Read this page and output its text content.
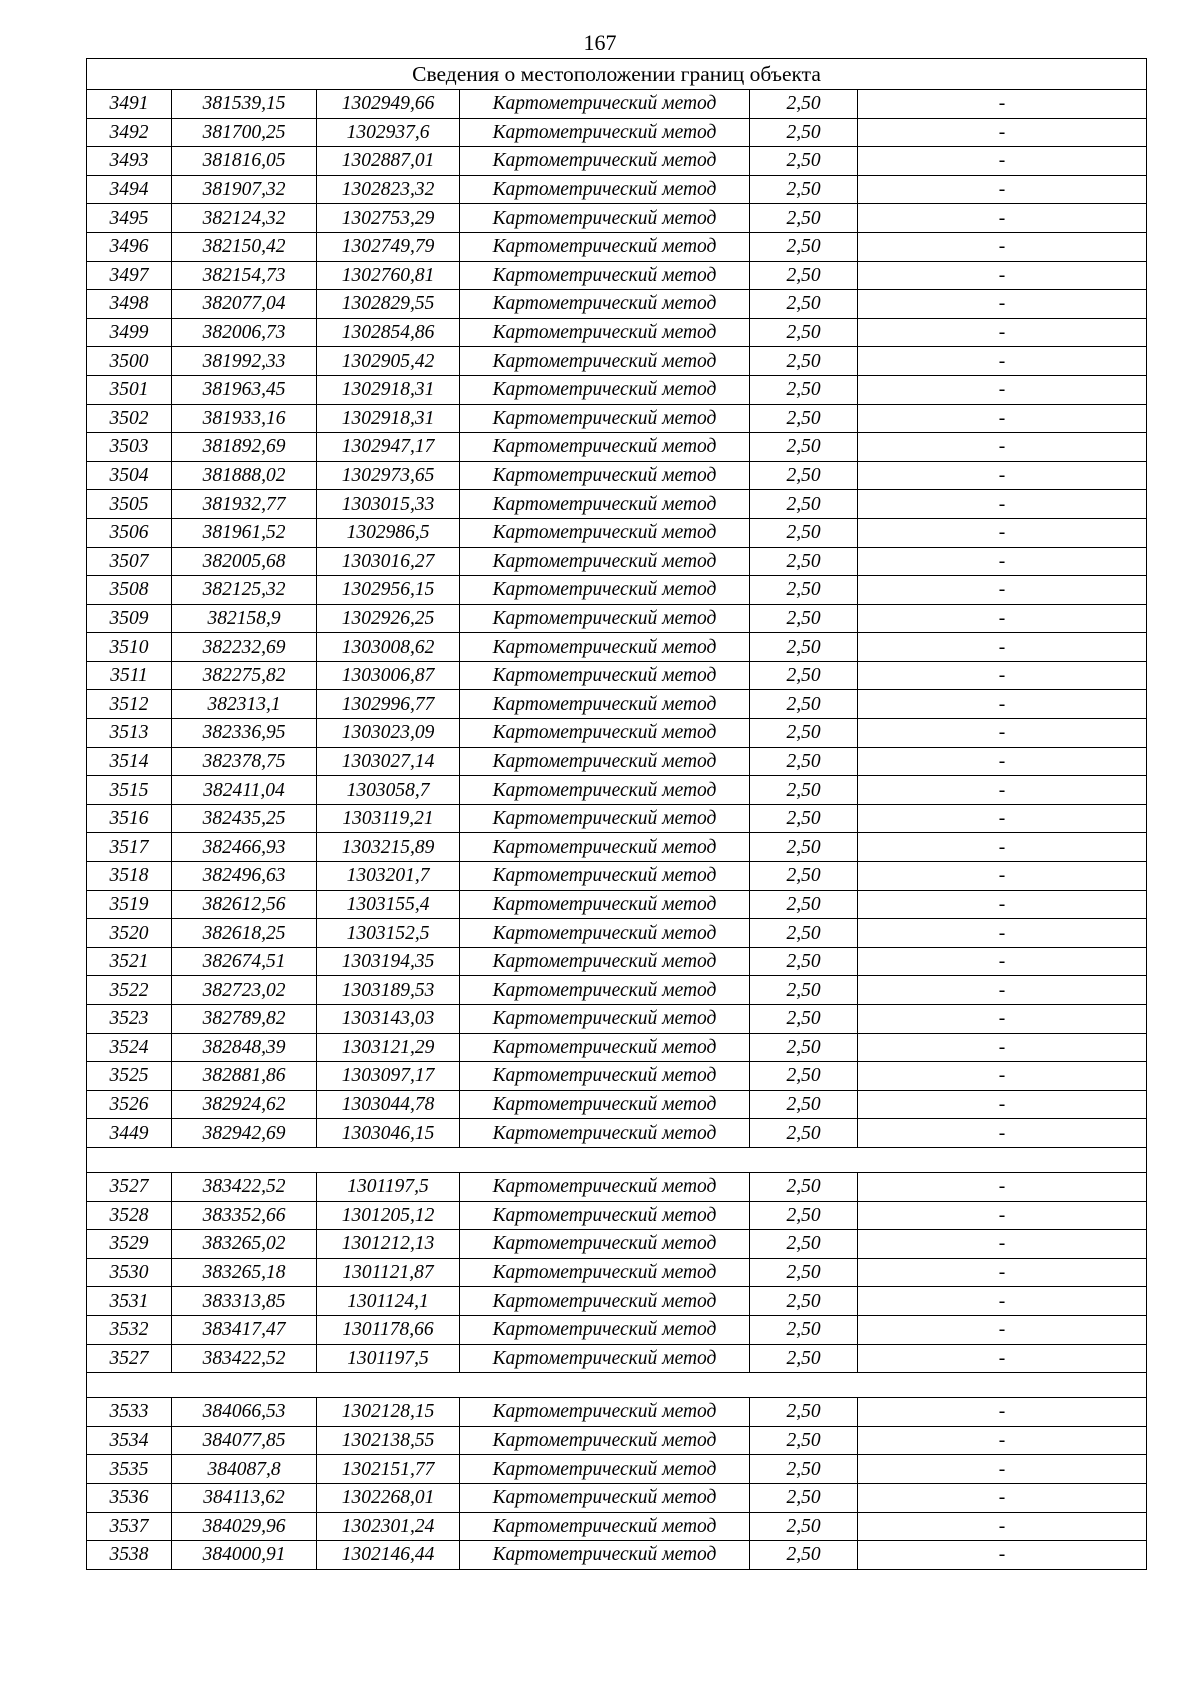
167
Сведения о местоположении границ объекта					
3491	381539,15	1302949,66	Картометрический метод	2,50	-
3492	381700,25	1302937,6	Картометрический метод	2,50	-
3493	381816,05	1302887,01	Картометрический метод	2,50	-
3494	381907,32	1302823,32	Картометрический метод	2,50	-
3495	382124,32	1302753,29	Картометрический метод	2,50	-
3496	382150,42	1302749,79	Картометрический метод	2,50	-
3497	382154,73	1302760,81	Картометрический метод	2,50	-
3498	382077,04	1302829,55	Картометрический метод	2,50	-
3499	382006,73	1302854,86	Картометрический метод	2,50	-
3500	381992,33	1302905,42	Картометрический метод	2,50	-
3501	381963,45	1302918,31	Картометрический метод	2,50	-
3502	381933,16	1302918,31	Картометрический метод	2,50	-
3503	381892,69	1302947,17	Картометрический метод	2,50	-
3504	381888,02	1302973,65	Картометрический метод	2,50	-
3505	381932,77	1303015,33	Картометрический метод	2,50	-
3506	381961,52	1302986,5	Картометрический метод	2,50	-
3507	382005,68	1303016,27	Картометрический метод	2,50	-
3508	382125,32	1302956,15	Картометрический метод	2,50	-
3509	382158,9	1302926,25	Картометрический метод	2,50	-
3510	382232,69	1303008,62	Картометрический метод	2,50	-
3511	382275,82	1303006,87	Картометрический метод	2,50	-
3512	382313,1	1302996,77	Картометрический метод	2,50	-
3513	382336,95	1303023,09	Картометрический метод	2,50	-
3514	382378,75	1303027,14	Картометрический метод	2,50	-
3515	382411,04	1303058,7	Картометрический метод	2,50	-
3516	382435,25	1303119,21	Картометрический метод	2,50	-
3517	382466,93	1303215,89	Картометрический метод	2,50	-
3518	382496,63	1303201,7	Картометрический метод	2,50	-
3519	382612,56	1303155,4	Картометрический метод	2,50	-
3520	382618,25	1303152,5	Картометрический метод	2,50	-
3521	382674,51	1303194,35	Картометрический метод	2,50	-
3522	382723,02	1303189,53	Картометрический метод	2,50	-
3523	382789,82	1303143,03	Картометрический метод	2,50	-
3524	382848,39	1303121,29	Картометрический метод	2,50	-
3525	382881,86	1303097,17	Картометрический метод	2,50	-
3526	382924,62	1303044,78	Картометрический метод	2,50	-
3449	382942,69	1303046,15	Картометрический метод	2,50	-

3527	383422,52	1301197,5	Картометрический метод	2,50	-
3528	383352,66	1301205,12	Картометрический метод	2,50	-
3529	383265,02	1301212,13	Картометрический метод	2,50	-
3530	383265,18	1301121,87	Картометрический метод	2,50	-
3531	383313,85	1301124,1	Картометрический метод	2,50	-
3532	383417,47	1301178,66	Картометрический метод	2,50	-
3527	383422,52	1301197,5	Картометрический метод	2,50	-

3533	384066,53	1302128,15	Картометрический метод	2,50	-
3534	384077,85	1302138,55	Картометрический метод	2,50	-
3535	384087,8	1302151,77	Картометрический метод	2,50	-
3536	384113,62	1302268,01	Картометрический метод	2,50	-
3537	384029,96	1302301,24	Картометрический метод	2,50	-
3538	384000,91	1302146,44	Картометрический метод	2,50	-
